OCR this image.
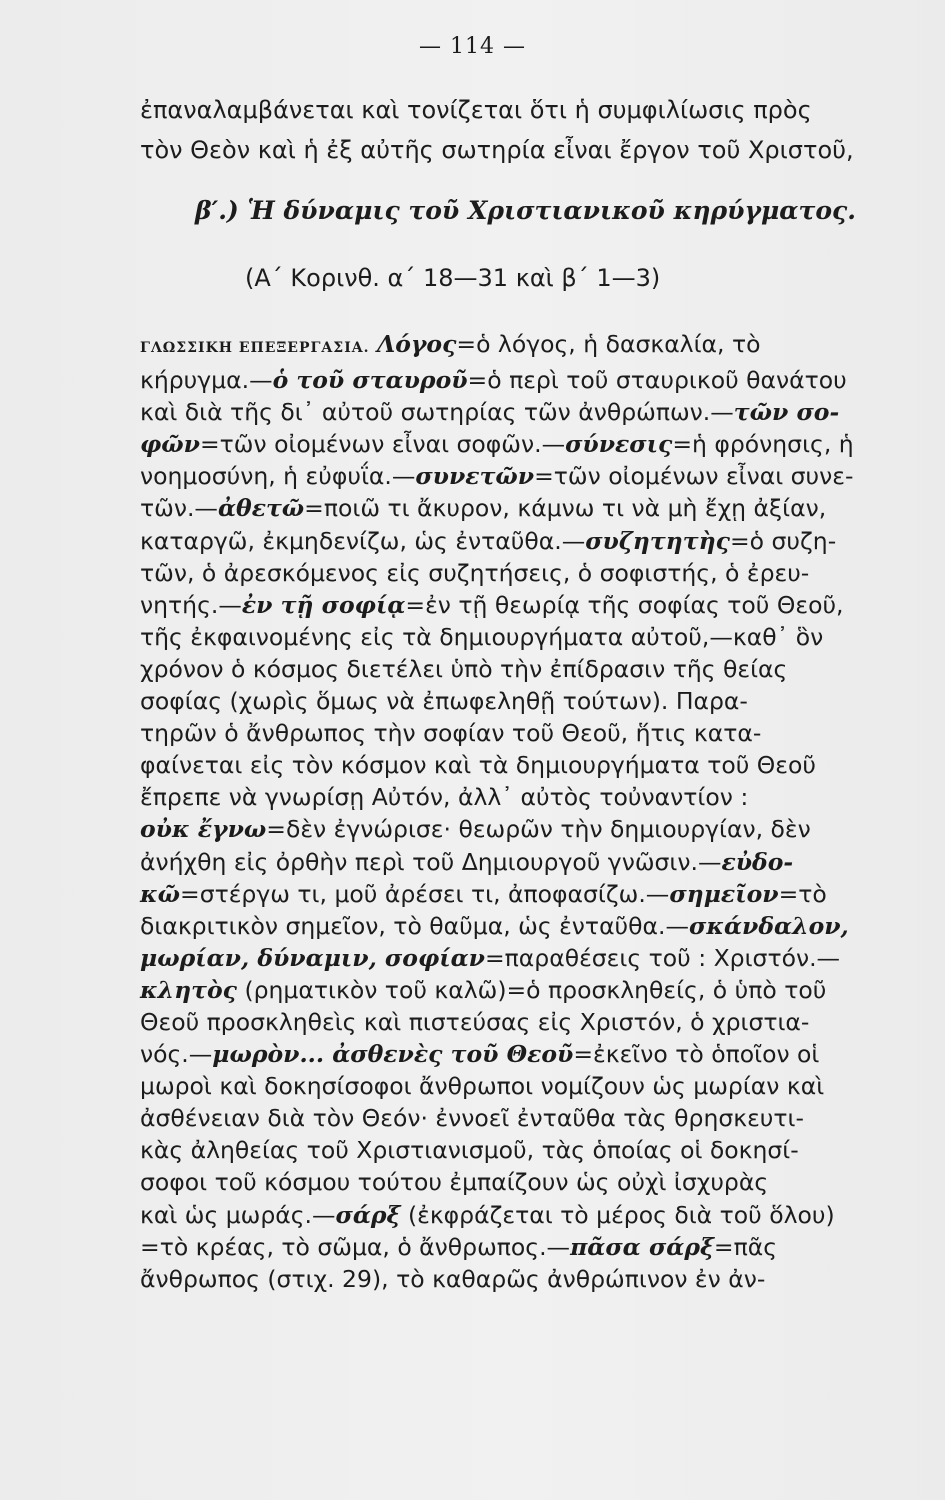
— 114 —
ἐπαναλαμβάνεται καὶ τονίζεται ὅτι ἡ συμφιλίωσις πρὸς
τὸν Θεὸν καὶ ἡ ἐξ αὐτῆς σωτηρία εἶναι ἔργον τοῦ Χριστοῦ,
β′.) Ἡ δύναμις τοῦ Χριστιανικοῦ κηρύγματος.
(Α΄ Κορινθ. α΄ 18—31 καὶ β΄ 1—3)
ΓΛΩΣΣΙΚΗ ΕΠΕΞΕΡΓΑΣΙΑ. Λόγος=ὁ λόγος, ἡ δασκαλία, τὸ
κήρυγμα.—ὁ τοῦ σταυροῦ=ὁ περὶ τοῦ σταυρικοῦ θανάτου
καὶ διὰ τῆς δι᾿ αὐτοῦ σωτηρίας τῶν ἀνθρώπων.—τῶν σο-
φῶν=τῶν οἰομένων εἶναι σοφῶν.—σύνεσις=ἡ φρόνησις, ἡ
νοημοσύνη, ἡ εὐφυΐα.—συνετῶν=τῶν οἰομένων εἶναι συνε-
τῶν.—ἀθετῶ=ποιῶ τι ἄκυρον, κάμνω τι νὰ μὴ ἔχῃ ἀξίαν,
καταργῶ, ἐκμηδενίζω, ὡς ἐνταῦθα.—συζητητὴς=ὁ συζη-
τῶν, ὁ ἀρεσκόμενος εἰς συζητήσεις, ὁ σοφιστής, ὁ ἐρευ-
νητής.—ἐν τῇ σοφίᾳ=ἐν τῇ θεωρίᾳ τῆς σοφίας τοῦ Θεοῦ,
τῆς ἐκφαινομένης εἰς τὰ δημιουργήματα αὐτοῦ,—καθ᾿ ὃν
χρόνον ὁ κόσμος διετέλει ὑπὸ τὴν ἐπίδρασιν τῆς θείας
σοφίας (χωρὶς ὅμως νὰ ἐπωφεληθῇ τούτων). Παρα-
τηρῶν ὁ ἄνθρωπος τὴν σοφίαν τοῦ Θεοῦ, ἥτις κατα-
φαίνεται εἰς τὸν κόσμον καὶ τὰ δημιουργήματα τοῦ Θεοῦ
ἔπρεπε νὰ γνωρίσῃ Αὐτόν, ἀλλ᾿ αὐτὸς τοὐναντίον :
οὐκ ἔγνω=δὲν ἐγνώρισε· θεωρῶν τὴν δημιουργίαν, δὲν
ἀνήχθη εἰς ὀρθὴν περὶ τοῦ Δημιουργοῦ γνῶσιν.—εὐδο-
κῶ=στέργω τι, μοῦ ἀρέσει τι, ἀποφασίζω.—σημεῖον=τὸ
διακριτικὸν σημεῖον, τὸ θαῦμα, ὡς ἐνταῦθα.—σκάνδαλον,
μωρίαν, δύναμιν, σοφίαν=παραθέσεις τοῦ : Χριστόν.—
κλητὸς (ρηματικὸν τοῦ καλῶ)=ὁ προσκληθείς, ὁ ὑπὸ τοῦ
Θεοῦ προσκληθεὶς καὶ πιστεύσας εἰς Χριστόν, ὁ χριστια-
νός.—μωρὸν... ἀσθενὲς τοῦ Θεοῦ=ἐκεῖνο τὸ ὁποῖον οἱ
μωροὶ καὶ δοκησίσοφοι ἄνθρωποι νομίζουν ὡς μωρίαν καὶ
ἀσθένειαν διὰ τὸν Θεόν· ἐννοεῖ ἐνταῦθα τὰς θρησκευτι-
κὰς ἀληθείας τοῦ Χριστιανισμοῦ, τὰς ὁποίας οἱ δοκησί-
σοφοι τοῦ κόσμου τούτου ἐμπαίζουν ὡς οὐχὶ ἰσχυρὰς
καὶ ὡς μωράς.—σάρξ (ἐκφράζεται τὸ μέρος διὰ τοῦ ὅλου)
=τὸ κρέας, τὸ σῶμα, ὁ ἄνθρωπος.—πᾶσα σάρξ=πᾶς
ἄνθρωπος (στιχ. 29), τὸ καθαρῶς ἀνθρώπινον ἐν ἀν-
